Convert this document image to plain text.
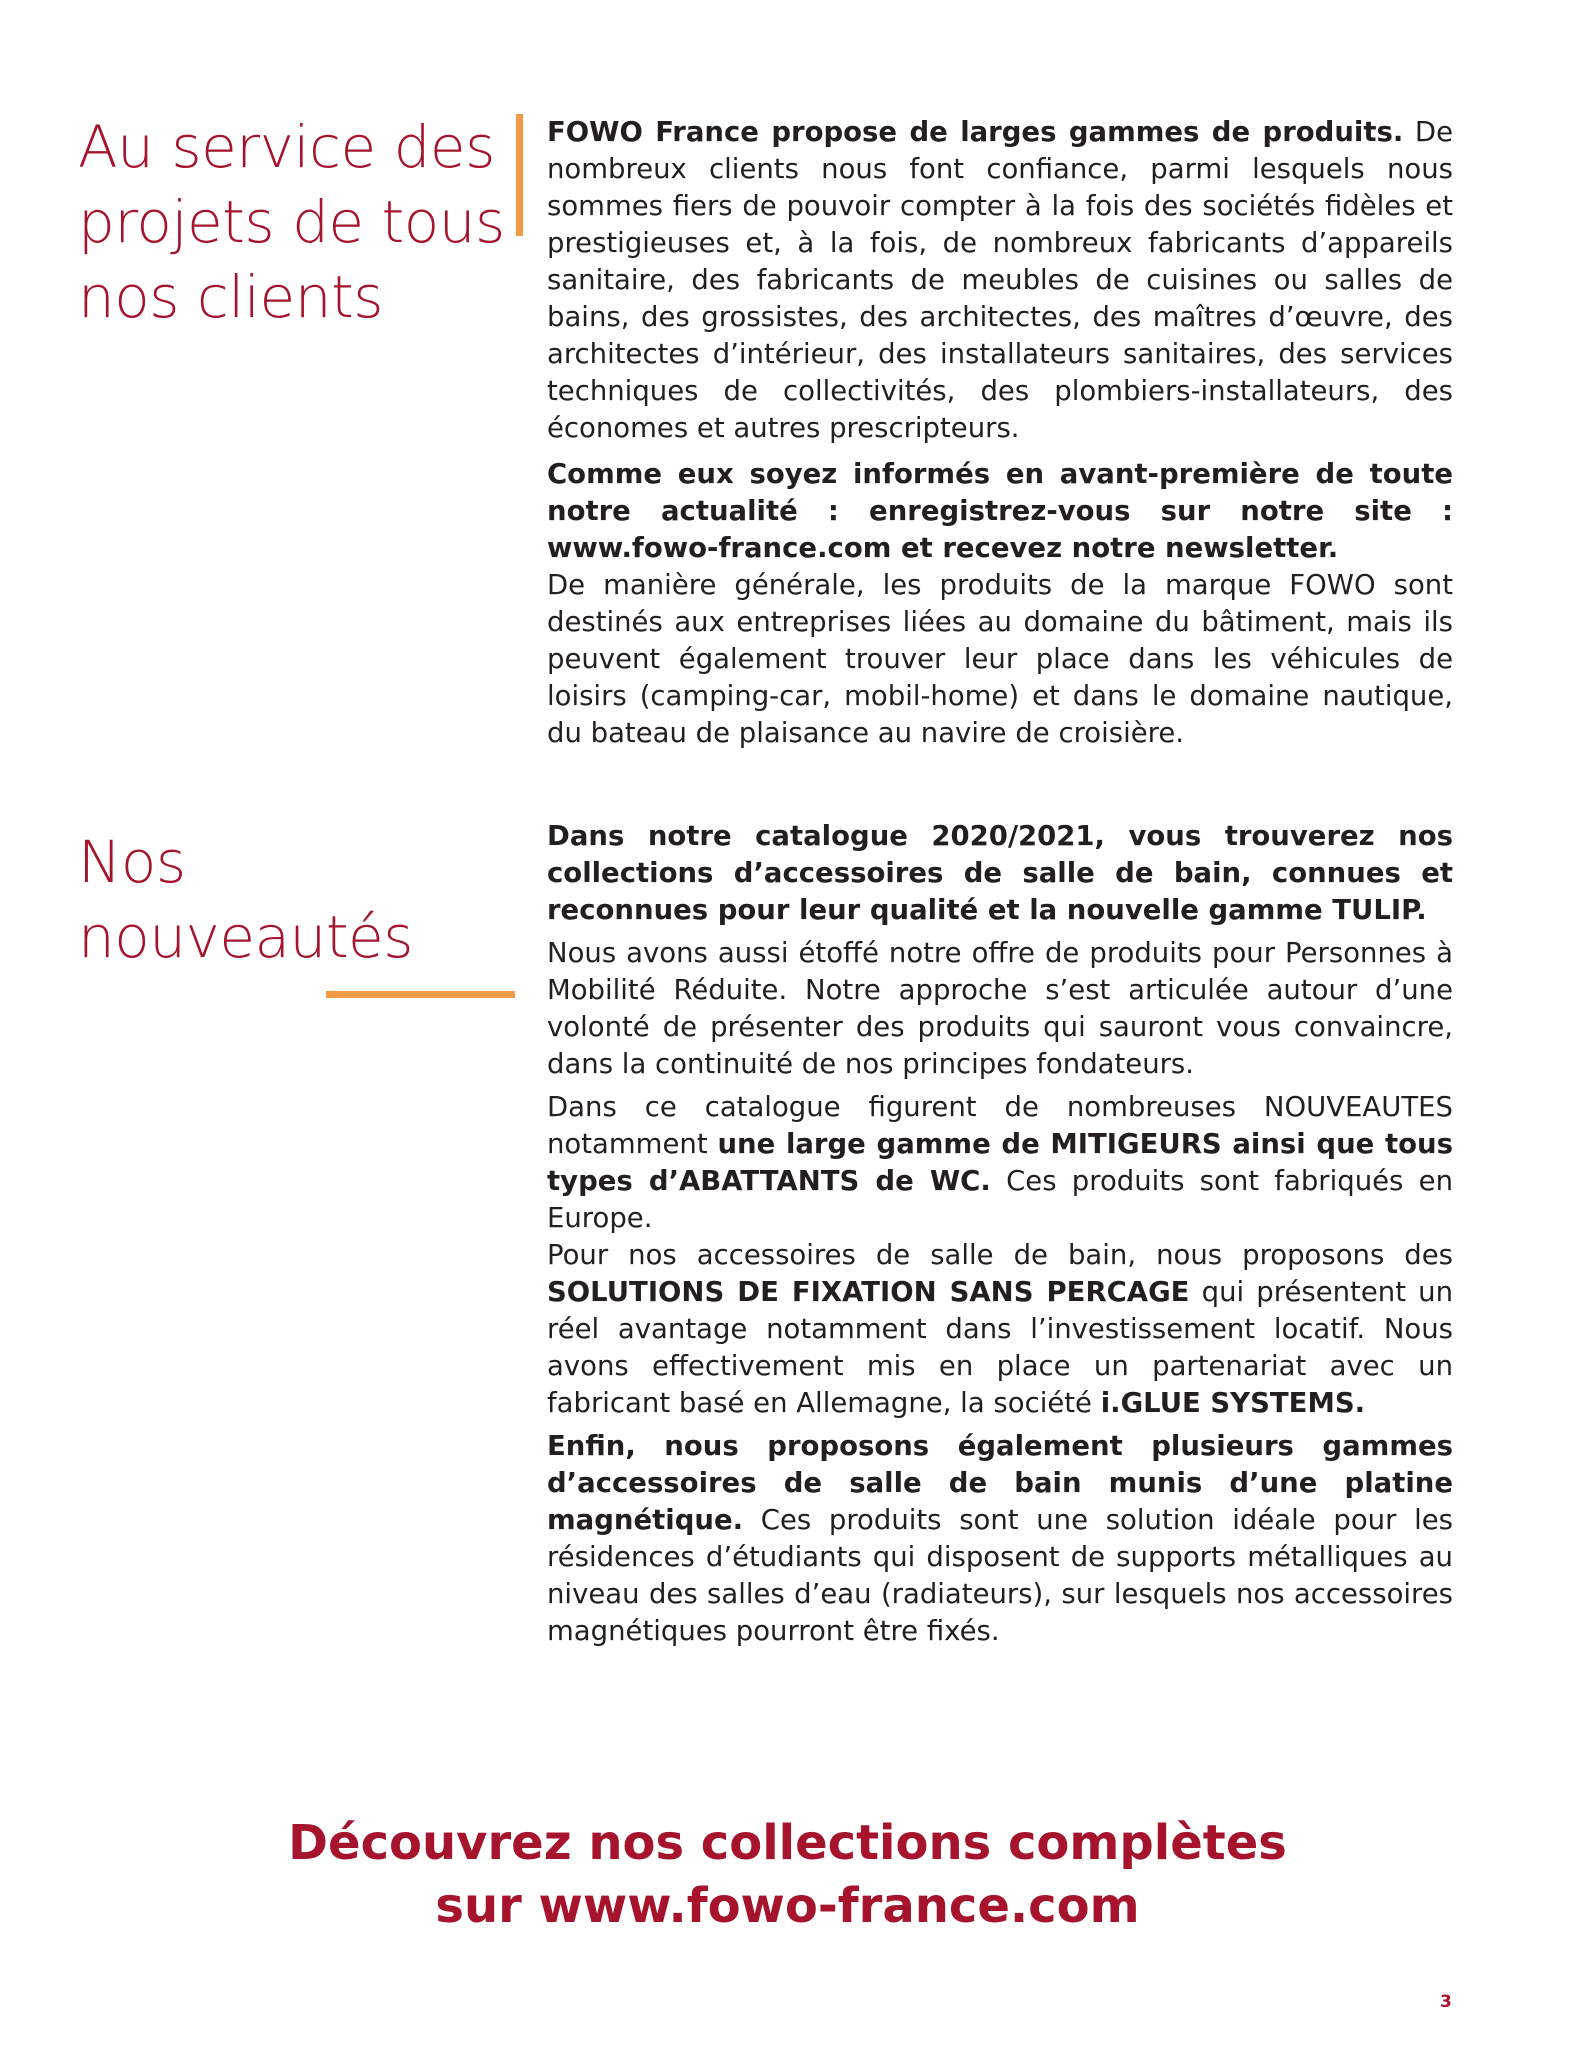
Au service des
projets de tous
nos clients

FOWO France propose de larges gammes de produits. De nombreux clients nous font confiance, parmi lesquels nous sommes fiers de pouvoir compter à la fois des sociétés fidèles et prestigieuses et, à la fois, de nombreux fabricants d’appareils sanitaire, des fabricants de meubles de cuisines ou salles de bains, des grossistes, des architectes, des maîtres d’œuvre, des architectes d’intérieur, des installateurs sanitaires, des services techniques de collectivités, des plombiers-installateurs, des économes et autres prescripteurs.

Comme eux soyez informés en avant-première de toute notre actualité : enregistrez-vous sur notre site : www.fowo-france.com et recevez notre newsletter.

De manière générale, les produits de la marque FOWO sont destinés aux entreprises liées au domaine du bâtiment, mais ils peuvent également trouver leur place dans les véhicules de loisirs (camping-car, mobil-home) et dans le domaine nautique, du bateau de plaisance au navire de croisière.

Nos
nouveautés

Dans notre catalogue 2020/2021, vous trouverez nos collections d’accessoires de salle de bain, connues et reconnues pour leur qualité et la nouvelle gamme TULIP.

Nous avons aussi étoffé notre offre de produits pour Personnes à Mobilité Réduite. Notre approche s’est articulée autour d’une volonté de présenter des produits qui sauront vous convaincre, dans la continuité de nos principes fondateurs.

Dans ce catalogue figurent de nombreuses NOUVEAUTES notamment une large gamme de MITIGEURS ainsi que tous types d’ABATTANTS de WC. Ces produits sont fabriqués en Europe.

Pour nos accessoires de salle de bain, nous proposons des SOLUTIONS DE FIXATION SANS PERCAGE qui présentent un réel avantage notamment dans l’investissement locatif. Nous avons effectivement mis en place un partenariat avec un fabricant basé en Allemagne, la société i.GLUE SYSTEMS.

Enfin, nous proposons également plusieurs gammes d’accessoires de salle de bain munis d’une platine magnétique. Ces produits sont une solution idéale pour les résidences d’étudiants qui disposent de supports métalliques au niveau des salles d’eau (radiateurs), sur lesquels nos accessoires magnétiques pourront être fixés.

Découvrez nos collections complètes
sur www.fowo-france.com
3
